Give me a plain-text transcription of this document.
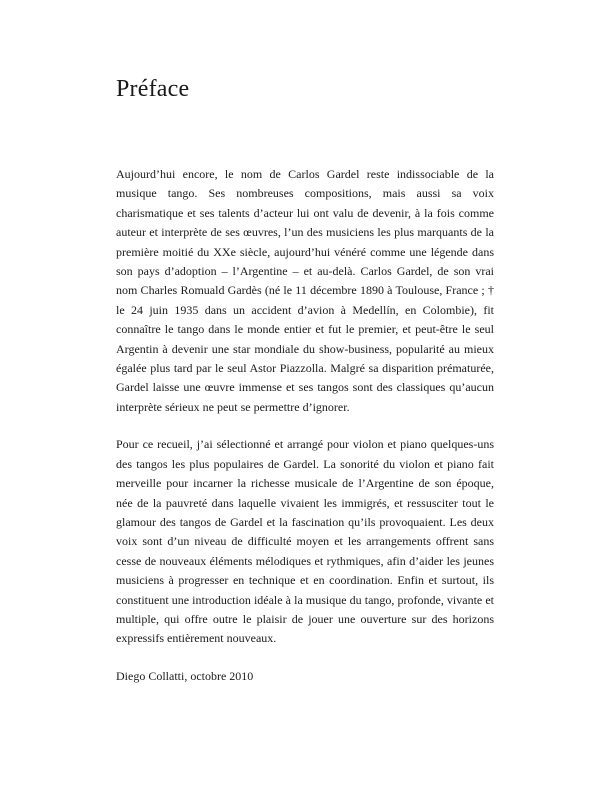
Préface

Aujourd’hui encore, le nom de Carlos Gardel reste indissociable de la musique tango. Ses nombreuses compositions, mais aussi sa voix charismatique et ses talents d’acteur lui ont valu de devenir, à la fois comme auteur et interprète de ses œuvres, l’un des musiciens les plus marquants de la première moitié du XXe siècle, aujourd’hui vénéré comme une légende dans son pays d’adoption – l’Argentine – et au-delà. Carlos Gardel, de son vrai nom Charles Romuald Gardès (né le 11 décembre 1890 à Toulouse, France ; † le 24 juin 1935 dans un accident d’avion à Medellín, en Colombie), fit connaître le tango dans le monde entier et fut le premier, et peut-être le seul Argentin à devenir une star mondiale du show-business, popularité au mieux égalée plus tard par le seul Astor Piazzolla. Malgré sa disparition prématurée, Gardel laisse une œuvre immense et ses tangos sont des classiques qu’aucun interprète sérieux ne peut se permettre d’ignorer.

Pour ce recueil, j’ai sélectionné et arrangé pour violon et piano quelques-uns des tangos les plus populaires de Gardel. La sonorité du violon et piano fait merveille pour incarner la richesse musicale de l’Argentine de son époque, née de la pauvreté dans laquelle vivaient les immigrés, et ressusciter tout le glamour des tangos de Gardel et la fascination qu’ils provoquaient. Les deux voix sont d’un niveau de difficulté moyen et les arrangements offrent sans cesse de nouveaux éléments mélodiques et rythmiques, afin d’aider les jeunes musiciens à progresser en technique et en coordination. Enfin et surtout, ils constituent une introduction idéale à la musique du tango, profonde, vivante et multiple, qui offre outre le plaisir de jouer une ouverture sur des horizons expressifs entièrement nouveaux.

Diego Collatti, octobre 2010
